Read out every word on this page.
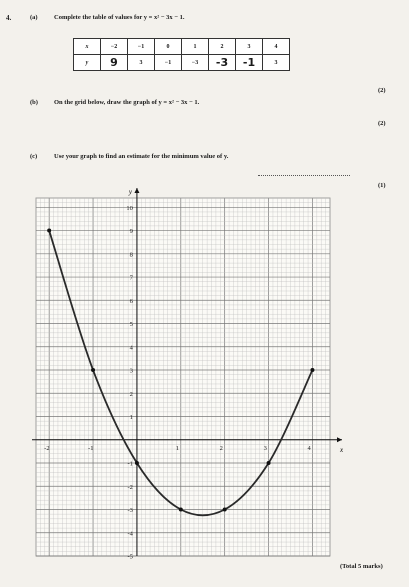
4.	(a)	Complete the table of values for y = x² − 3x − 1.
x	−2	−1	0	1	2	3	4
y	9	3	−1	−3	-3	-1	3
(2)
(b) On the grid below, draw the graph of y = x² − 3x − 1.
(2)
(c)	Use your graph to find an estimate for the minimum value of y.
(1)
x
y
-2	-1	1	2	3	4
-5
-4
-3
-2
-1
1
2
3
4
5
6
7
8
9
10
(Total 5 marks)
